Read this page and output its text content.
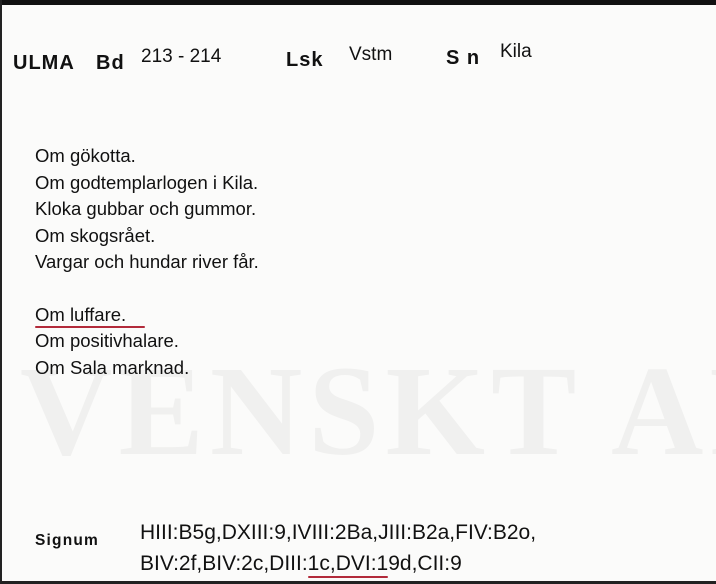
ULMA Bd 213 - 214	Lsk Vstm	S n Kila
Om gökotta.
Om godtemplarlogen i Kila.
Kloka gubbar och gummor.
Om skogsrået.
Vargar och hundar river får.
Om luffare.
Om positivhalare.
Om Sala marknad.
Signum HIII:B5g,DXIII:9,IVIII:2Ba,JIII:B2a,FIV:B2o,
BIV:2f,BIV:2c,DIII:1c,DVI:19d,CII:9
